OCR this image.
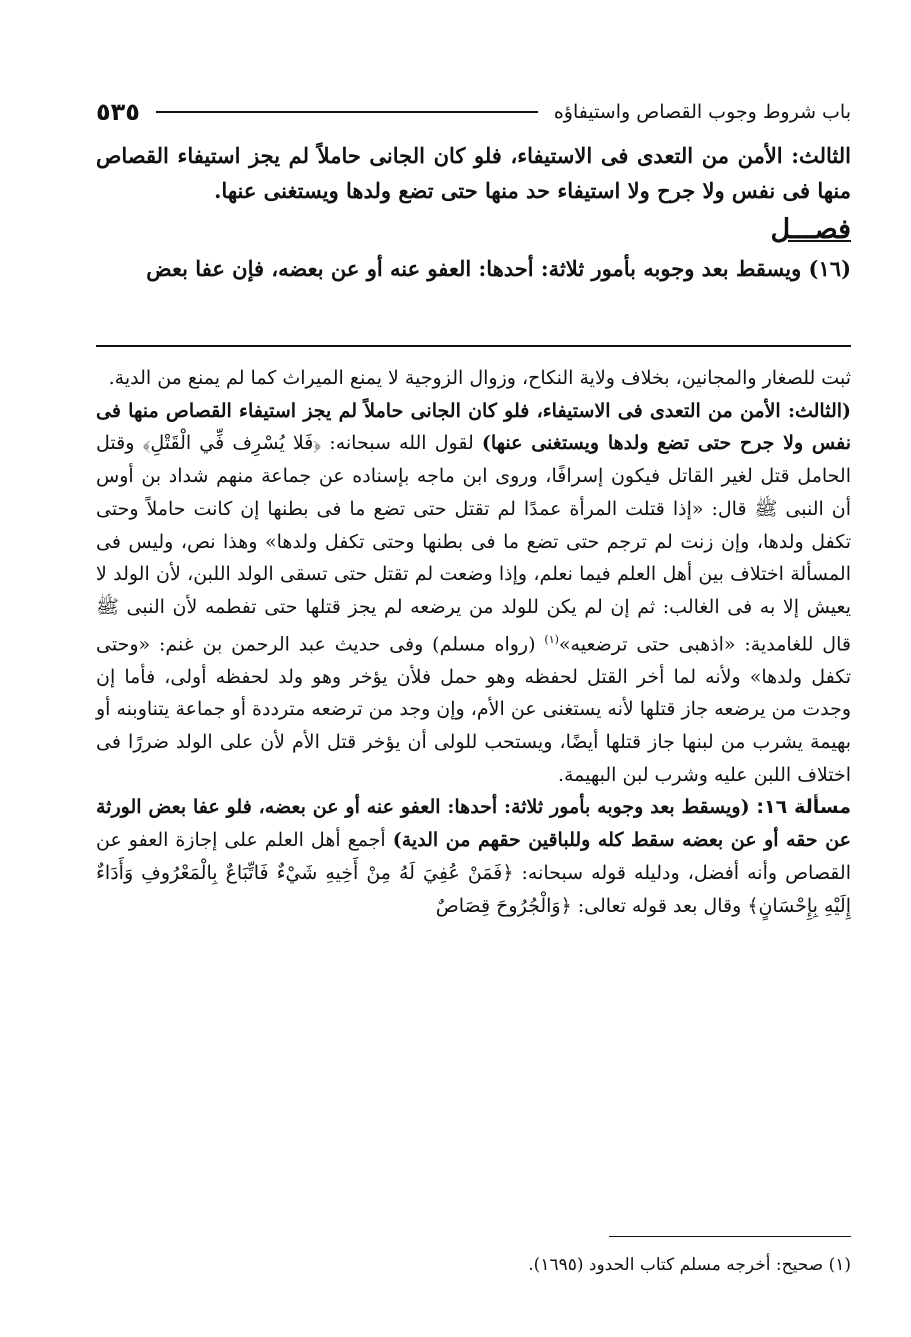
باب شروط وجوب القصاص واستيفاؤه
٥٣٥

الثالث: الأمن من التعدى فى الاستيفاء، فلو كان الجانى حاملاً لم يجز استيفاء القصاص منها فى نفس ولا جرح ولا استيفاء حد منها حتى تضع ولدها ويستغنى عنها.

فصـــل

(١٦) ويسقط بعد وجوبه بأمور ثلاثة: أحدها: العفو عنه أو عن بعضه، فإن عفا بعض

ثبت للصغار والمجانين، بخلاف ولاية النكاح، وزوال الزوجية لا يمنع الميراث كما لم يمنع من الدية.

(الثالث: الأمن من التعدى فى الاستيفاء، فلو كان الجانى حاملاً لم يجز استيفاء القصاص منها فى نفس ولا جرح حتى تضع ولدها ويستغنى عنها) لقول الله سبحانه: ﴿فَلا يُسْرِف فِّي الْقَتْلِ﴾ وقتل الحامل قتل لغير القاتل فيكون إسرافًا، وروى ابن ماجه بإسناده عن جماعة منهم شداد بن أوس أن النبى ﷺ قال: «إذا قتلت المرأة عمدًا لم تقتل حتى تضع ما فى بطنها إن كانت حاملاً وحتى تكفل ولدها، وإن زنت لم ترجم حتى تضع ما فى بطنها وحتى تكفل ولدها» وهذا نص، وليس فى المسألة اختلاف بين أهل العلم فيما نعلم، وإذا وضعت لم تقتل حتى تسقى الولد اللبن، لأن الولد لا يعيش إلا به فى الغالب: ثم إن لم يكن للولد من يرضعه لم يجز قتلها حتى تفطمه لأن النبى ﷺ قال للغامدية: «اذهبى حتى ترضعيه»$^{(١)}$ (رواه مسلم) وفى حديث عبد الرحمن بن غنم: «وحتى تكفل ولدها» ولأنه لما أخر القتل لحفظه وهو حمل فلأن يؤخر وهو ولد لحفظه أولى، فأما إن وجدت من يرضعه جاز قتلها لأنه يستغنى عن الأم، وإن وجد من ترضعه مترددة أو جماعة يتناوبنه أو بهيمة يشرب من لبنها جاز قتلها أيضًا، ويستحب للولى أن يؤخر قتل الأم لأن على الولد ضررًا فى اختلاف اللبن عليه وشرب لبن البهيمة.

مسألة ١٦: (ويسقط بعد وجوبه بأمور ثلاثة: أحدها: العفو عنه أو عن بعضه، فلو عفا بعض الورثة عن حقه أو عن بعضه سقط كله وللباقين حقهم من الدية) أجمع أهل العلم على إجازة العفو عن القصاص وأنه أفضل، ودليله قوله سبحانه: ﴿فَمَنْ عُفِيَ لَهُ مِنْ أَخِيهِ شَيْءٌ فَاتِّبَاعٌ بِالْمَعْرُوفِ وَأَدَاءٌ إِلَيْهِ بِإِحْسَانٍ﴾ وقال بعد قوله تعالى: ﴿وَالْجُرُوحَ قِصَاصٌ

(١) صحيح: أخرجه مسلم كتاب الحدود (١٦٩٥).
